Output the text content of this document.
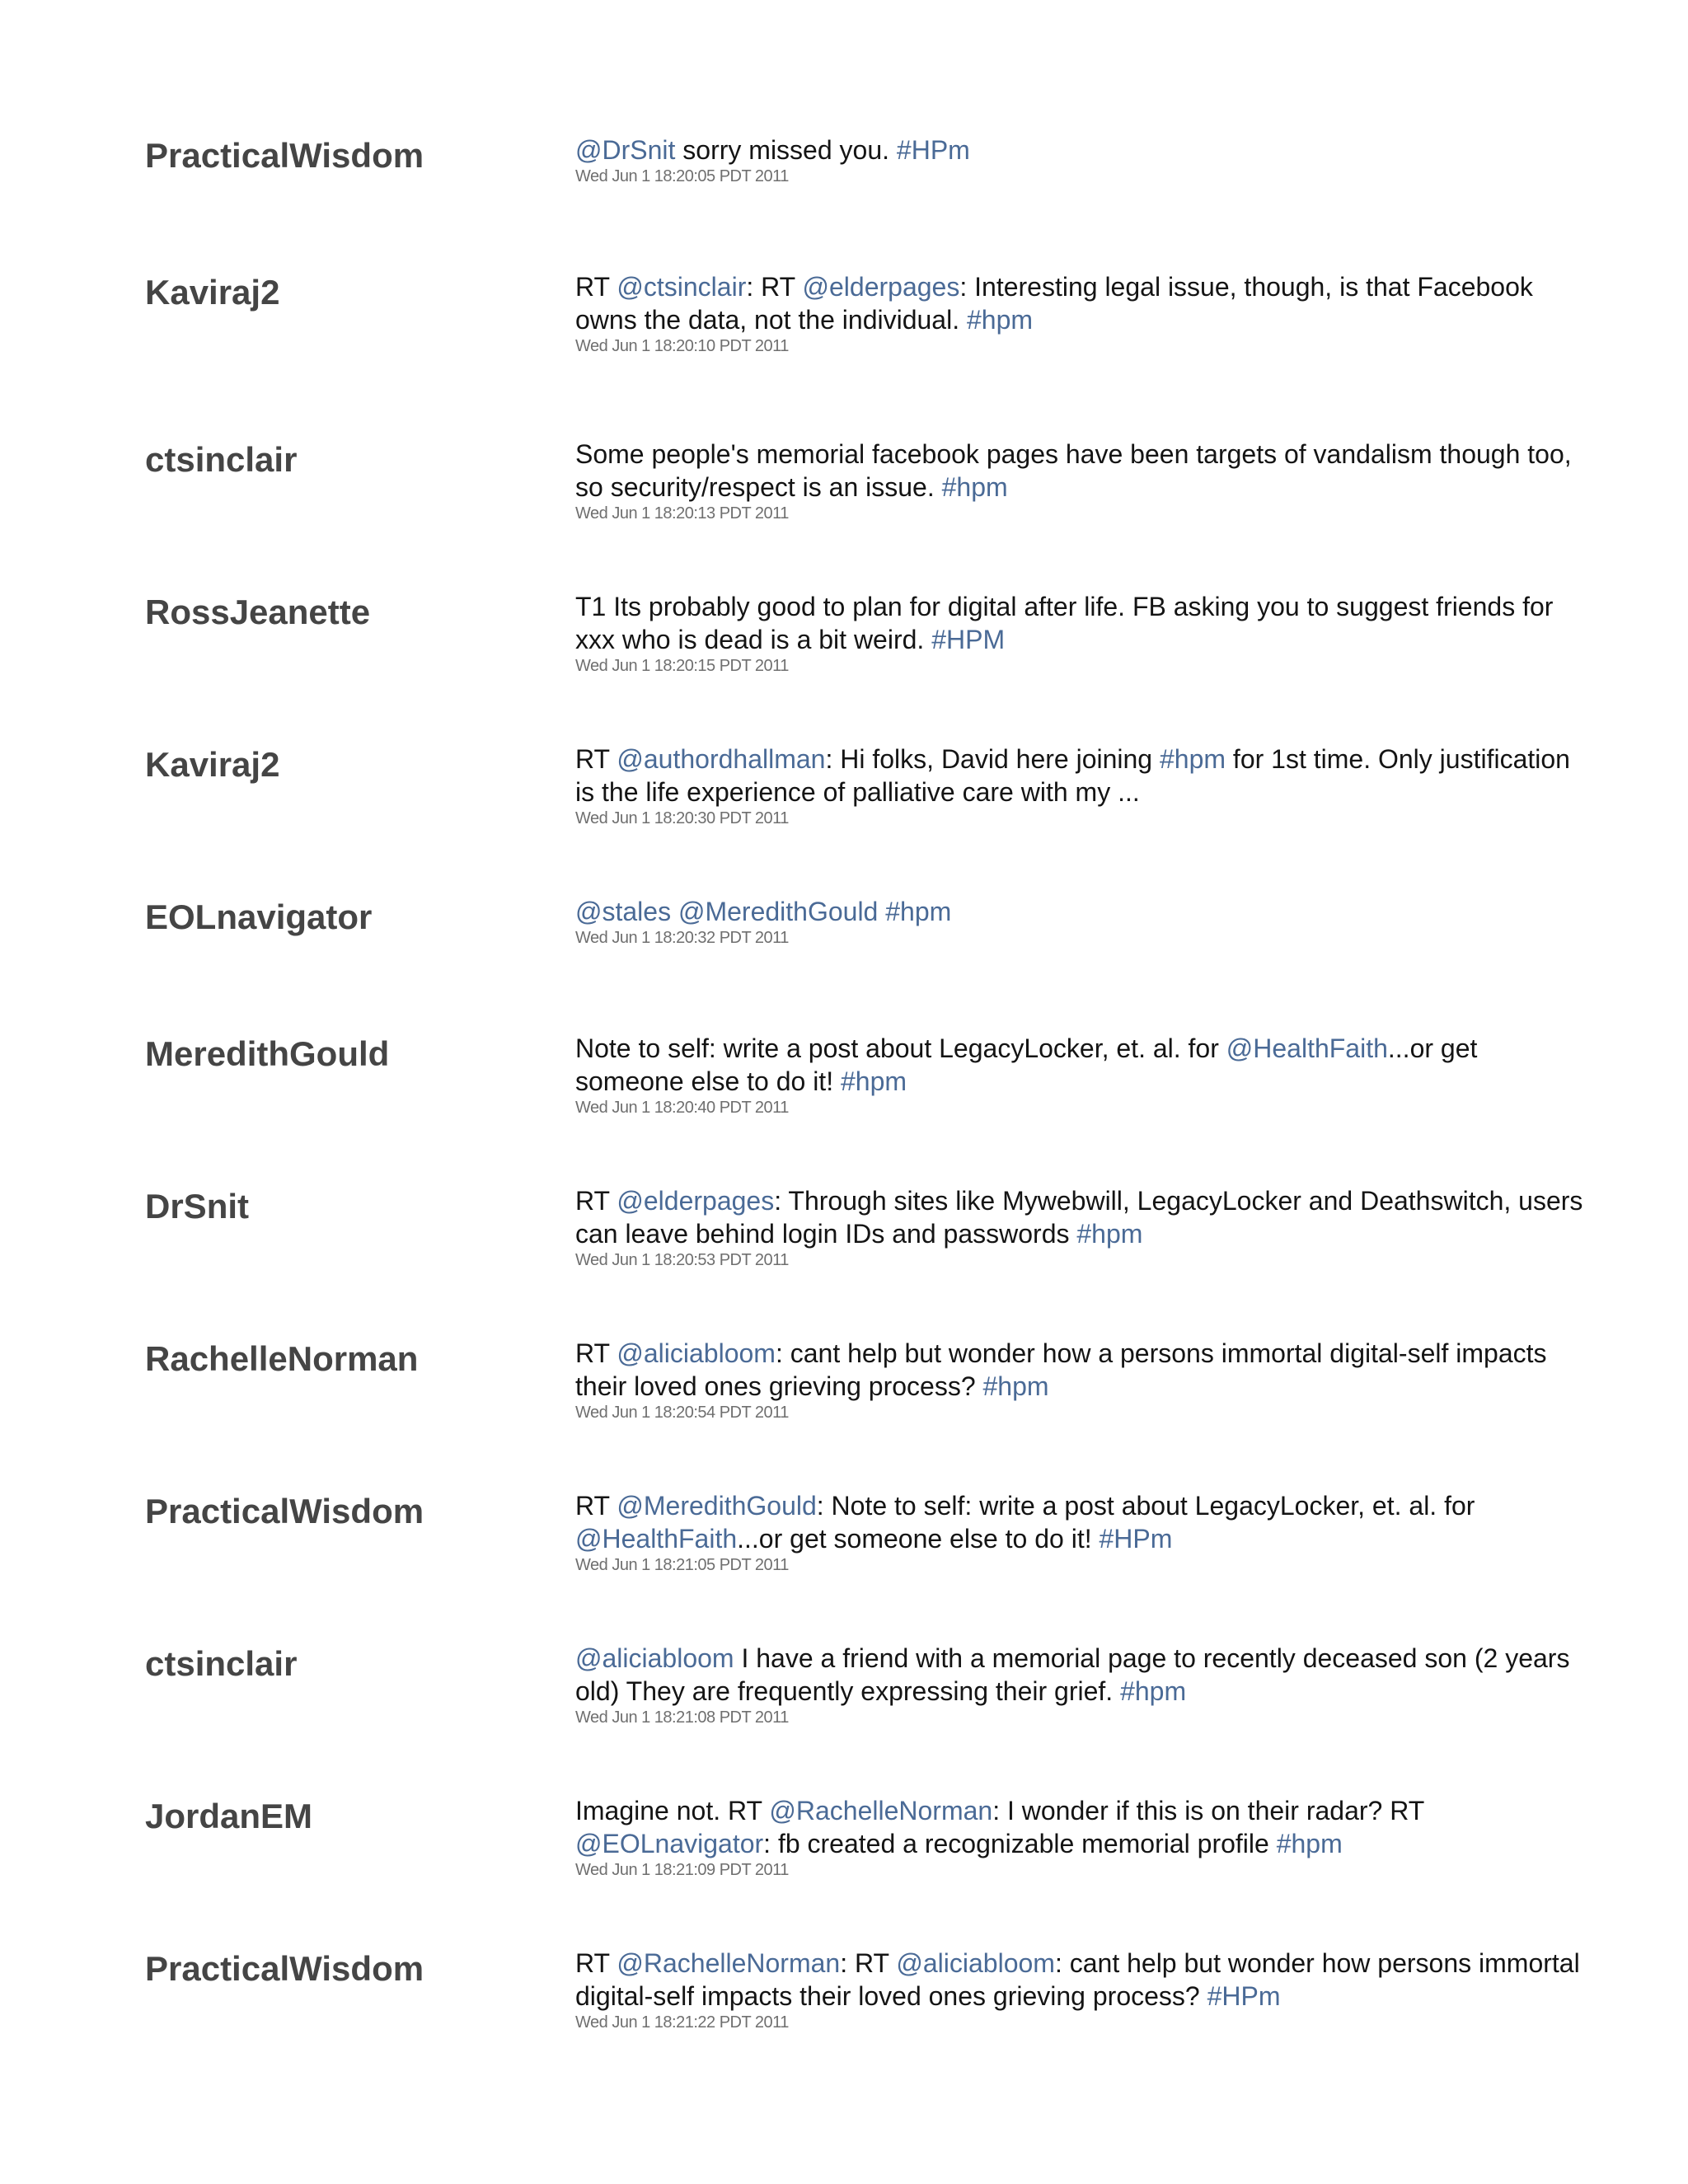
PracticalWisdom	@DrSnit sorry missed you. #HPm
Wed Jun 1 18:20:05 PDT 2011
Kaviraj2	RT @ctsinclair: RT @elderpages: Interesting legal issue, though, is that Facebook owns the data, not the individual. #hpm
Wed Jun 1 18:20:10 PDT 2011
ctsinclair	Some people's memorial facebook pages have been targets of vandalism though too, so security/respect is an issue. #hpm
Wed Jun 1 18:20:13 PDT 2011
RossJeanette	T1 Its probably good to plan for digital after life. FB asking you to suggest friends for xxx who is dead is a bit weird. #HPM
Wed Jun 1 18:20:15 PDT 2011
Kaviraj2	RT @authordhallman: Hi folks, David here joining #hpm for 1st time. Only justification is the life experience of palliative care with my ...
Wed Jun 1 18:20:30 PDT 2011
EOLnavigator	@stales @MeredithGould #hpm
Wed Jun 1 18:20:32 PDT 2011
MeredithGould	Note to self: write a post about LegacyLocker, et. al. for @HealthFaith...or get someone else to do it! #hpm
Wed Jun 1 18:20:40 PDT 2011
DrSnit	RT @elderpages: Through sites like Mywebwill, LegacyLocker and Deathswitch, users can leave behind login IDs and passwords #hpm
Wed Jun 1 18:20:53 PDT 2011
RachelleNorman	RT @aliciabloom: cant help but wonder how a persons immortal digital-self impacts their loved ones grieving process? #hpm
Wed Jun 1 18:20:54 PDT 2011
PracticalWisdom	RT @MeredithGould: Note to self: write a post about LegacyLocker, et. al. for @HealthFaith...or get someone else to do it! #HPm
Wed Jun 1 18:21:05 PDT 2011
ctsinclair	@aliciabloom I have a friend with a memorial page to recently deceased son (2 years old) They are frequently expressing their grief. #hpm
Wed Jun 1 18:21:08 PDT 2011
JordanEM	Imagine not. RT @RachelleNorman: I wonder if this is on their radar? RT @EOLnavigator: fb created a recognizable memorial profile #hpm
Wed Jun 1 18:21:09 PDT 2011
PracticalWisdom	RT @RachelleNorman: RT @aliciabloom: cant help but wonder how persons immortal digital-self impacts their loved ones grieving process? #HPm
Wed Jun 1 18:21:22 PDT 2011
